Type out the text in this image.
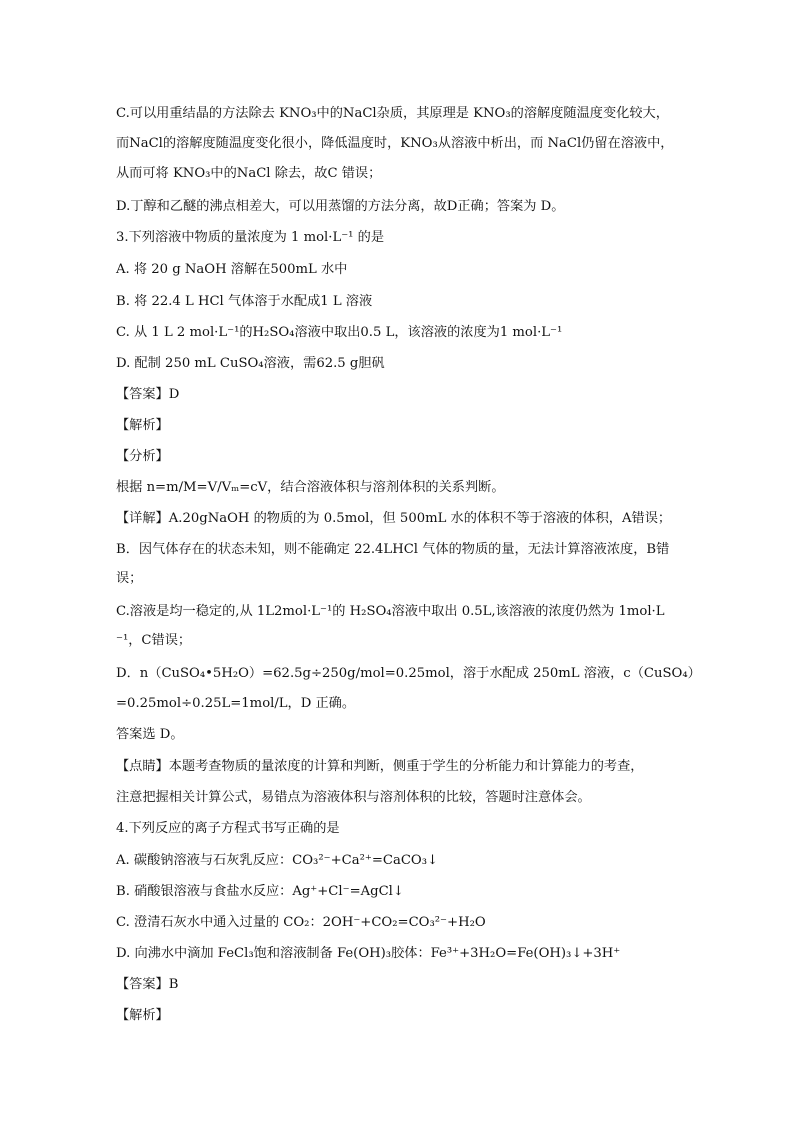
C.可以用重结晶的方法除去 KNO₃中的NaCl杂质，其原理是 KNO₃的溶解度随温度变化较大，
而NaCl的溶解度随温度变化很小，降低温度时，KNO₃从溶液中析出，而 NaCl仍留在溶液中，
从而可将 KNO₃中的NaCl 除去，故C 错误；
D.丁醇和乙醚的沸点相差大，可以用蒸馏的方法分离，故D正确；答案为 D。
3.下列溶液中物质的量浓度为 1 mol·L⁻¹ 的是
A. 将 20 g NaOH 溶解在500mL 水中
B. 将 22.4 L HCl 气体溶于水配成1 L 溶液
C. 从 1 L 2 mol·L⁻¹的H₂SO₄溶液中取出0.5 L，该溶液的浓度为1 mol·L⁻¹
D. 配制 250 mL CuSO₄溶液，需62.5 g胆矾
【答案】D
【解析】
【分析】
根据 n=m/M=V/Vₘ=cV，结合溶液体积与溶剂体积的关系判断。
【详解】A.20gNaOH 的物质的为 0.5mol，但 500mL 水的体积不等于溶液的体积，A错误；
B．因气体存在的状态未知，则不能确定 22.4LHCl 气体的物质的量，无法计算溶液浓度，B错
误；
C.溶液是均一稳定的,从 1L2mol·L⁻¹的 H₂SO₄溶液中取出 0.5L,该溶液的浓度仍然为 1mol·L
⁻¹，C错误；
D．n（CuSO₄•5H₂O）=62.5g÷250g/mol=0.25mol，溶于水配成 250mL 溶液，c（CuSO₄）
=0.25mol÷0.25L=1mol/L，D 正确。
答案选 D。
【点睛】本题考查物质的量浓度的计算和判断，侧重于学生的分析能力和计算能力的考查，
注意把握相关计算公式，易错点为溶液体积与溶剂体积的比较，答题时注意体会。
4.下列反应的离子方程式书写正确的是
A. 碳酸钠溶液与石灰乳反应：CO₃²⁻+Ca²⁺=CaCO₃↓
B. 硝酸银溶液与食盐水反应：Ag⁺+Cl⁻=AgCl↓
C. 澄清石灰水中通入过量的 CO₂：2OH⁻+CO₂=CO₃²⁻+H₂O
D. 向沸水中滴加 FeCl₃饱和溶液制备 Fe(OH)₃胶体：Fe³⁺+3H₂O=Fe(OH)₃↓+3H⁺
【答案】B
【解析】
